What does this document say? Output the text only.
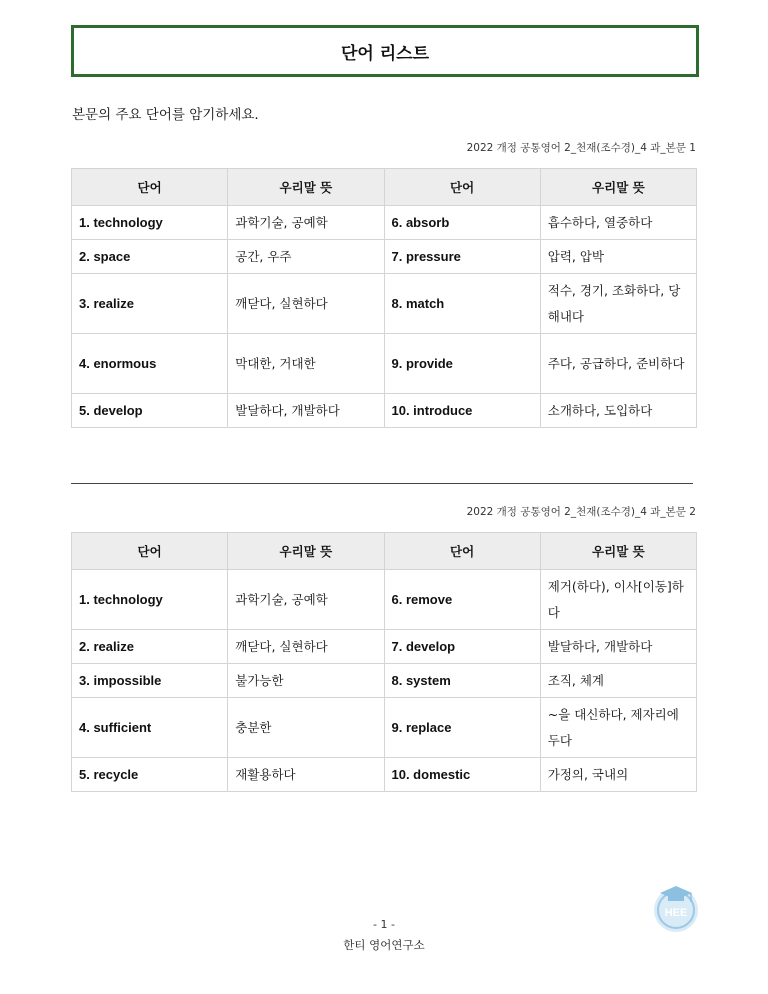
단어 리스트
본문의 주요 단어를 암기하세요.
2022 개정 공통영어 2_천재(조수경)_4 과_본문 1
단어	우리말 뜻	단어	우리말 뜻
1. technology	과학기술, 공예학	6. absorb	흡수하다, 열중하다
2. space	공간, 우주	7. pressure	압력, 압박
3. realize	깨닫다, 실현하다	8. match	적수, 경기, 조화하다, 당해내다
4. enormous	막대한, 거대한	9. provide	주다, 공급하다, 준비하다
5. develop	발달하다, 개발하다	10. introduce	소개하다, 도입하다
2022 개정 공통영어 2_천재(조수경)_4 과_본문 2
단어	우리말 뜻	단어	우리말 뜻
1. technology	과학기술, 공예학	6. remove	제거(하다), 이사[이동]하다
2. realize	깨닫다, 실현하다	7. develop	발달하다, 개발하다
3. impossible	불가능한	8. system	조직, 체계
4. sufficient	충분한	9. replace	~을 대신하다, 제자리에 두다
5. recycle	재활용하다	10. domestic	가정의, 국내의
- 1 -
한티 영어연구소
HEE
